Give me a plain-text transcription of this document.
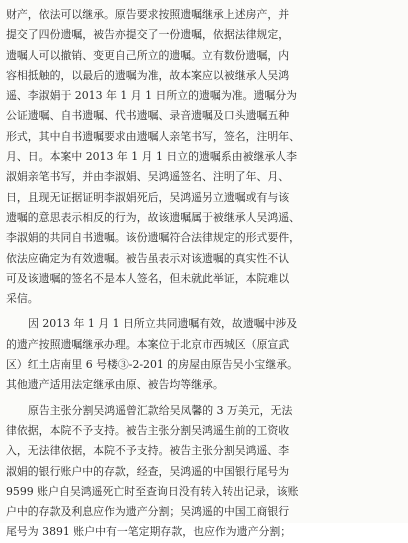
财产，依法可以继承。原告要求按照遗嘱继承上述房产，并
提交了四份遗嘱，被告亦提交了一份遗嘱，依据法律规定，
遗嘱人可以撤销、变更自己所立的遗嘱。立有数份遗嘱，内
容相抵触的，以最后的遗嘱为准，故本案应以被继承人吴鸿
遥、李淑娟于 2013 年 1 月 1 日所立的遗嘱为准。遗嘱分为
公证遗嘱、自书遗嘱、代书遗嘱、录音遗嘱及口头遗嘱五种
形式，其中自书遗嘱要求由遗嘱人亲笔书写，签名，注明年、
月、日。本案中 2013 年 1 月 1 日立的遗嘱系由被继承人李
淑娟亲笔书写，并由李淑娟、吴鸿遥签名、注明了年、月、
日，且现无证据证明李淑娟死后，吴鸿遥另立遗嘱或有与该
遗嘱的意思表示相反的行为，故该遗嘱属于被继承人吴鸿遥、
李淑娟的共同自书遗嘱。该份遗嘱符合法律规定的形式要件，
依法应确定为有效遗嘱。被告虽表示对该遗嘱的真实性不认
可及该遗嘱的签名不是本人签名，但未就此举证，本院难以
采信。
因 2013 年 1 月 1 日所立共同遗嘱有效，故遗嘱中涉及
的遗产按照遗嘱继承办理。本案位于北京市西城区（原宣武
区）红土店南里 6 号楼③-2-201 的房屋由原告吴小宝继承。
其他遗产适用法定继承由原、被告均等继承。
原告主张分割吴鸿遥曾汇款给吴凤馨的 3 万美元，无法
律依据，本院不予支持。被告主张分割吴鸿遥生前的工资收
入，无法律依据，本院不予支持。被告主张分割吴鸿遥、李
淑娟的银行账户中的存款，经查，吴鸿遥的中国银行尾号为
9599 账户自吴鸿遥死亡时至查询日没有转入转出记录，该账
户中的存款及利息应作为遗产分割；吴鸿遥的中国工商银行
尾号为 3891 账户中有一笔定期存款，也应作为遗产分割；
